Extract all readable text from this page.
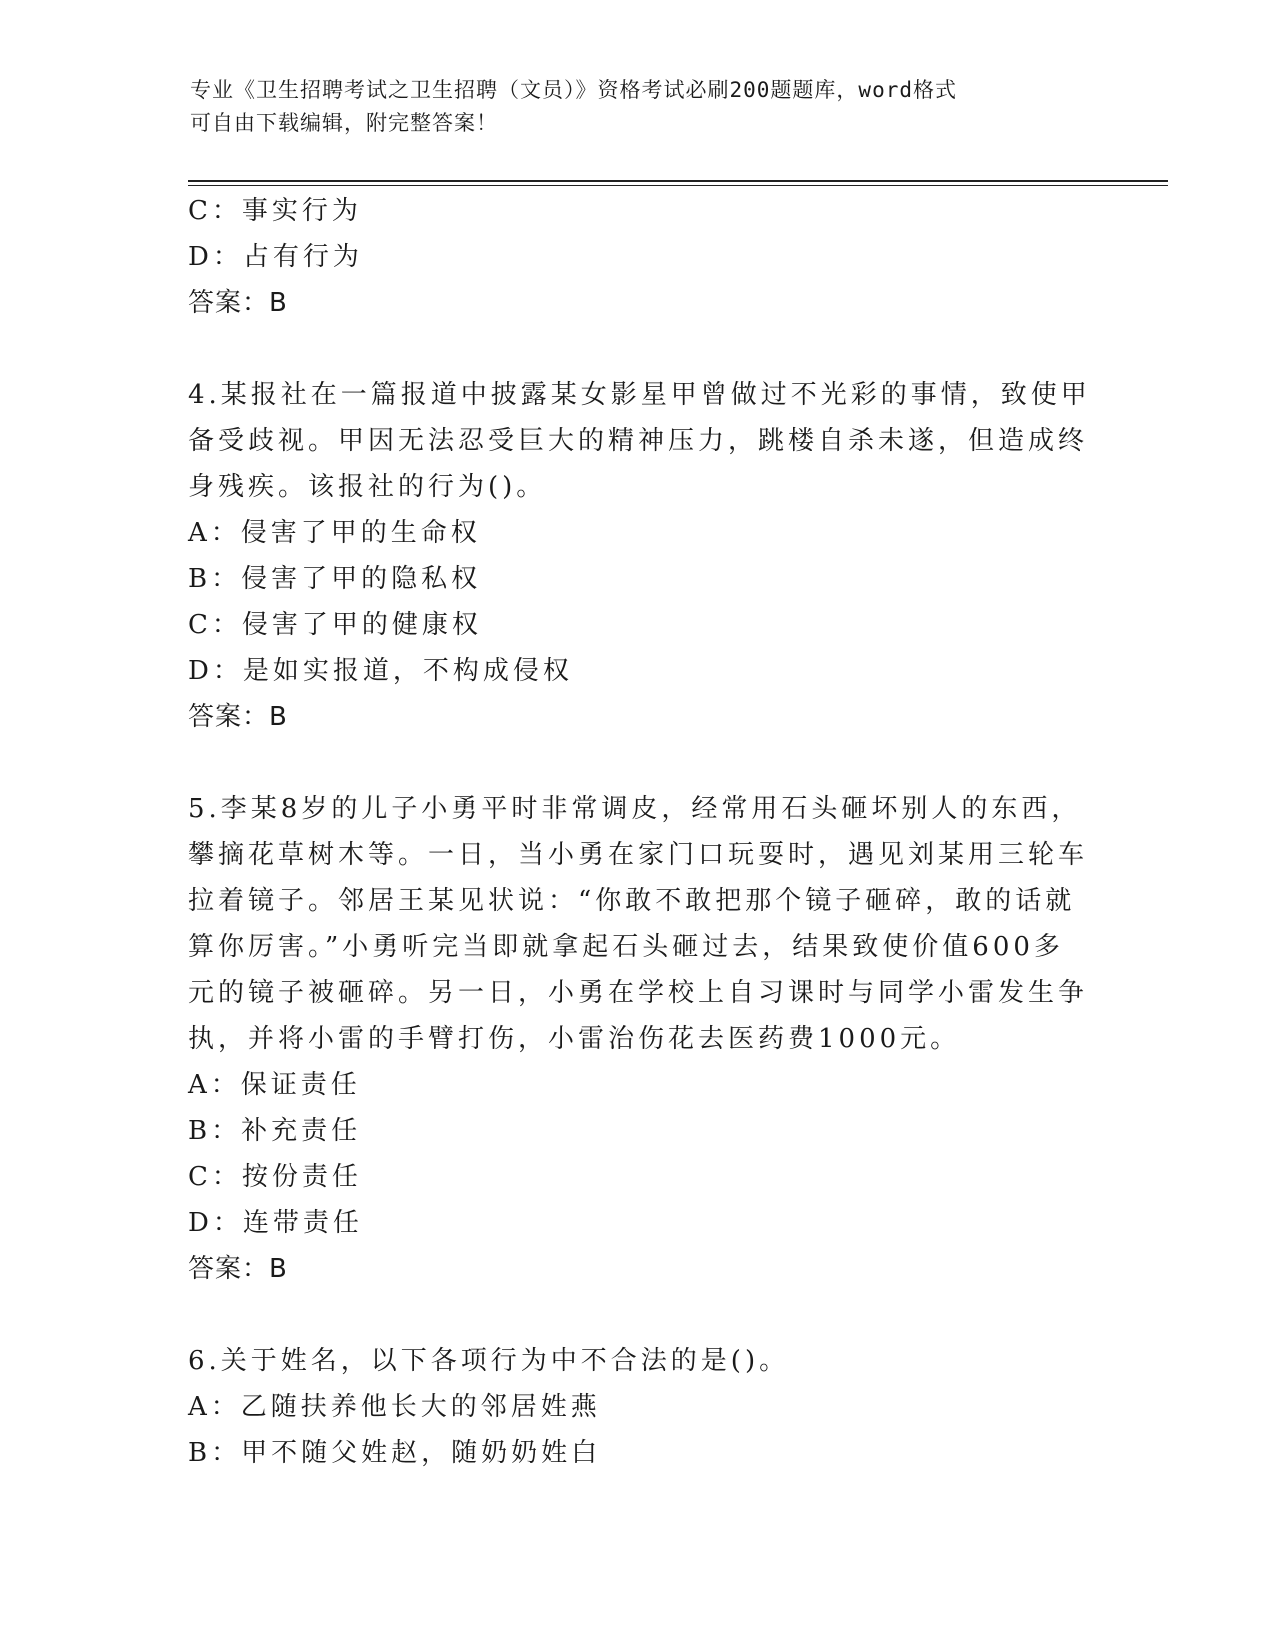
专业《卫生招聘考试之卫生招聘（文员）》资格考试必刷200题题库，word格式
可自由下载编辑，附完整答案！
C：事实行为
D：占有行为
答案：B
4.某报社在一篇报道中披露某女影星甲曾做过不光彩的事情，致使甲
备受歧视。甲因无法忍受巨大的精神压力，跳楼自杀未遂，但造成终
身残疾。该报社的行为()。
A：侵害了甲的生命权
B：侵害了甲的隐私权
C：侵害了甲的健康权
D：是如实报道，不构成侵权
答案：B
5.李某8岁的儿子小勇平时非常调皮，经常用石头砸坏别人的东西，
攀摘花草树木等。一日，当小勇在家门口玩耍时，遇见刘某用三轮车
拉着镜子。邻居王某见状说：“你敢不敢把那个镜子砸碎，敢的话就
算你厉害。”小勇听完当即就拿起石头砸过去，结果致使价值600多
元的镜子被砸碎。另一日，小勇在学校上自习课时与同学小雷发生争
执，并将小雷的手臂打伤，小雷治伤花去医药费1000元。
A：保证责任
B：补充责任
C：按份责任
D：连带责任
答案：B
6.关于姓名，以下各项行为中不合法的是()。
A：乙随扶养他长大的邻居姓燕
B：甲不随父姓赵，随奶奶姓白
